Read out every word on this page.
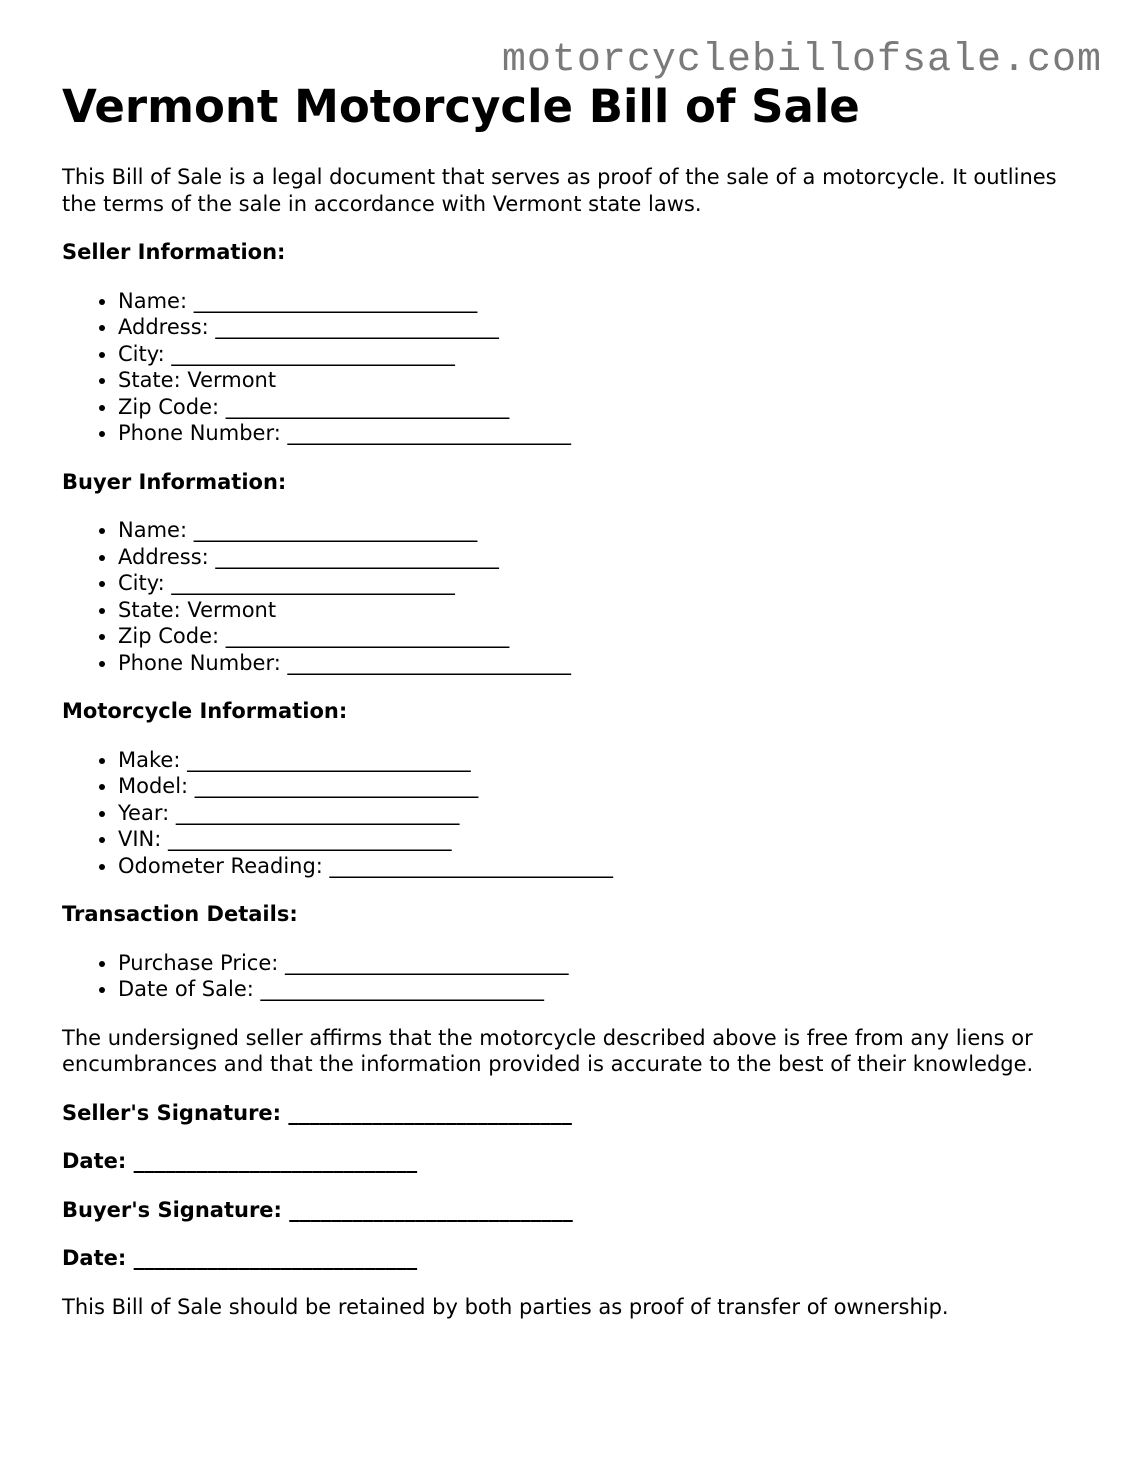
motorcyclebillofsale.com
Vermont Motorcycle Bill of Sale

This Bill of Sale is a legal document that serves as proof of the sale of a motorcycle. It outlines the terms of the sale in accordance with Vermont state laws.

Seller Information:

• Name: ___________________________
• Address: ___________________________
• City: ___________________________
• State: Vermont
• Zip Code: ___________________________
• Phone Number: ___________________________

Buyer Information:

• Name: ___________________________
• Address: ___________________________
• City: ___________________________
• State: Vermont
• Zip Code: ___________________________
• Phone Number: ___________________________

Motorcycle Information:

• Make: ___________________________
• Model: ___________________________
• Year: ___________________________
• VIN: ___________________________
• Odometer Reading: ___________________________

Transaction Details:

• Purchase Price: ___________________________
• Date of Sale: ___________________________

The undersigned seller affirms that the motorcycle described above is free from any liens or encumbrances and that the information provided is accurate to the best of their knowledge.

Seller's Signature: ___________________________

Date: ___________________________

Buyer's Signature: ___________________________

Date: ___________________________

This Bill of Sale should be retained by both parties as proof of transfer of ownership.
